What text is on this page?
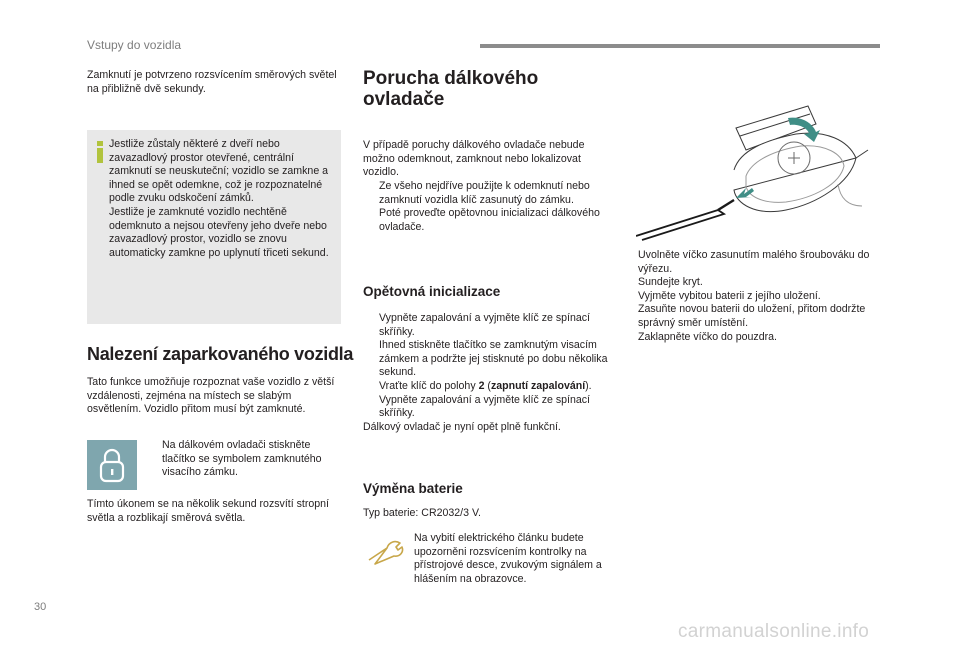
Vstupy do vozidla

Zamknutí je potvrzeno rozsvícením směrových světel na přibližně dvě sekundy.

Jestliže zůstaly některé z dveří nebo zavazadlový prostor otevřené, centrální zamknutí se neuskuteční; vozidlo se zamkne a ihned se opět odemkne, což je rozpoznatelné podle zvuku odskočení zámků.
Jestliže je zamknuté vozidlo nechtěně odemknuto a nejsou otevřeny jeho dveře nebo zavazadlový prostor, vozidlo se znovu automaticky zamkne po uplynutí třiceti sekund.

Nalezení zaparkovaného vozidla

Tato funkce umožňuje rozpoznat vaše vozidlo z větší vzdálenosti, zejména na místech se slabým osvětlením. Vozidlo přitom musí být zamknuté.

Na dálkovém ovladači stiskněte tlačítko se symbolem zamknutého visacího zámku.

Tímto úkonem se na několik sekund rozsvítí stropní světla a rozblikají směrová světla.

Porucha dálkového ovladače

V případě poruchy dálkového ovladače nebude možno odemknout, zamknout nebo lokalizovat vozidlo.

Ze všeho nejdříve použijte k odemknutí nebo zamknutí vozidla klíč zasunutý do zámku.
Poté proveďte opětovnou inicializaci dálkového ovladače.
Opětovná inicializace
Vypněte zapalování a vyjměte klíč ze spínací skříňky.
Ihned stiskněte tlačítko se zamknutým visacím zámkem a podržte jej stisknuté po dobu několika sekund.
Vraťte klíč do polohy 2 (zapnutí zapalování).
Vypněte zapalování a vyjměte klíč ze spínací skříňky.
Dálkový ovladač je nyní opět plně funkční.
Výměna baterie

Typ baterie: CR2032/3 V.

Na vybití elektrického článku budete upozorněni rozsvícením kontrolky na přístrojové desce, zvukovým signálem a hlášením na obrazovce.

Uvolněte víčko zasunutím malého šroubováku do výřezu.
Sundejte kryt.
Vyjměte vybitou baterii z jejího uložení.
Zasuňte novou baterii do uložení, přitom dodržte správný směr umístění.
Zaklapněte víčko do pouzdra.
30
carmanualsonline.info
